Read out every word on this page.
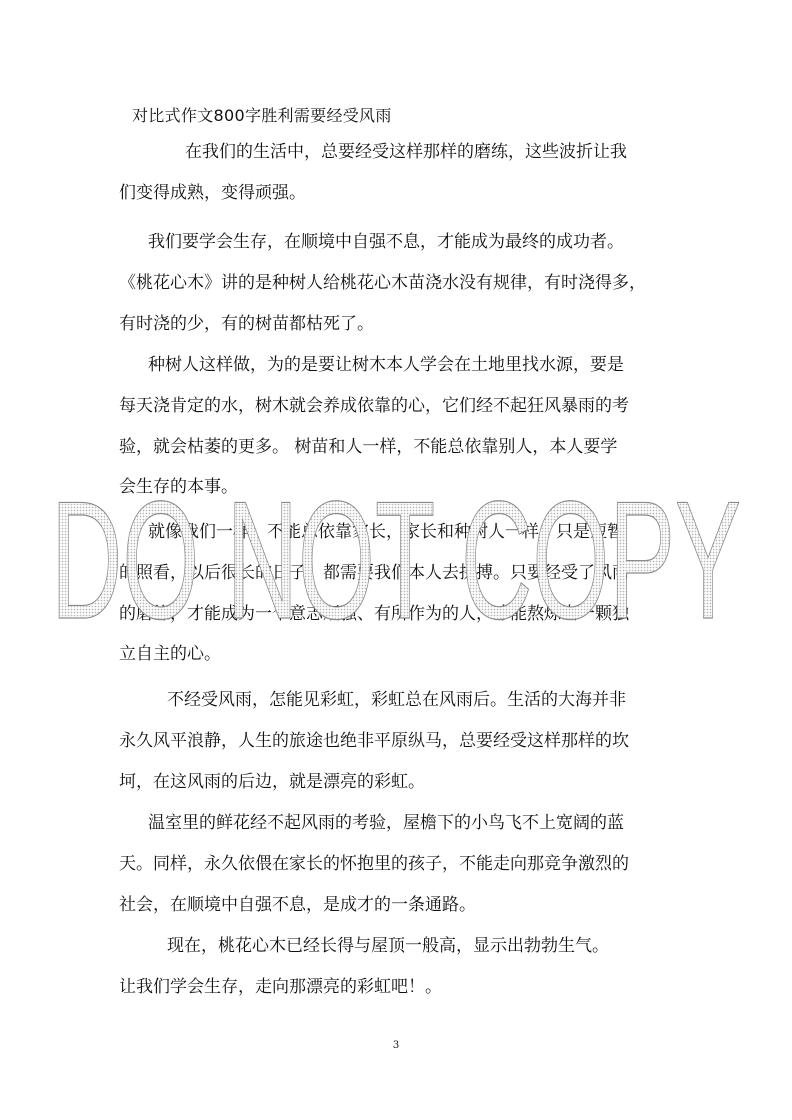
对比式作文800字胜利需要经受风雨
在我们的生活中，总要经受这样那样的磨练，这些波折让我
们变得成熟，变得顽强。
我们要学会生存，在顺境中自强不息，才能成为最终的成功者。
《桃花心木》讲的是种树人给桃花心木苗浇水没有规律，有时浇得多，
有时浇的少，有的树苗都枯死了。
种树人这样做，为的是要让树木本人学会在土地里找水源，要是
每天浇肯定的水，树木就会养成依靠的心，它们经不起狂风暴雨的考
验，就会枯萎的更多。 树苗和人一样，不能总依靠别人，本人要学
会生存的本事。
就像我们一样，不能总依靠家长，家长和种树人一样，只是短暂
的照看，以后很长的日子，都需要我们本人去拼搏。只要经受了风雨
的磨练，才能成为一个意志顽强、有所作为的人，才能熬炼出一颗独
立自主的心。
不经受风雨，怎能见彩虹，彩虹总在风雨后。生活的大海并非
永久风平浪静，人生的旅途也绝非平原纵马，总要经受这样那样的坎
坷，在这风雨的后边，就是漂亮的彩虹。
温室里的鲜花经不起风雨的考验，屋檐下的小鸟飞不上宽阔的蓝
天。同样，永久依偎在家长的怀抱里的孩子，不能走向那竞争激烈的
社会，在顺境中自强不息，是成才的一条通路。
现在，桃花心木已经长得与屋顶一般高，显示出勃勃生气。
让我们学会生存，走向那漂亮的彩虹吧！。
DO NOT COPY
3
